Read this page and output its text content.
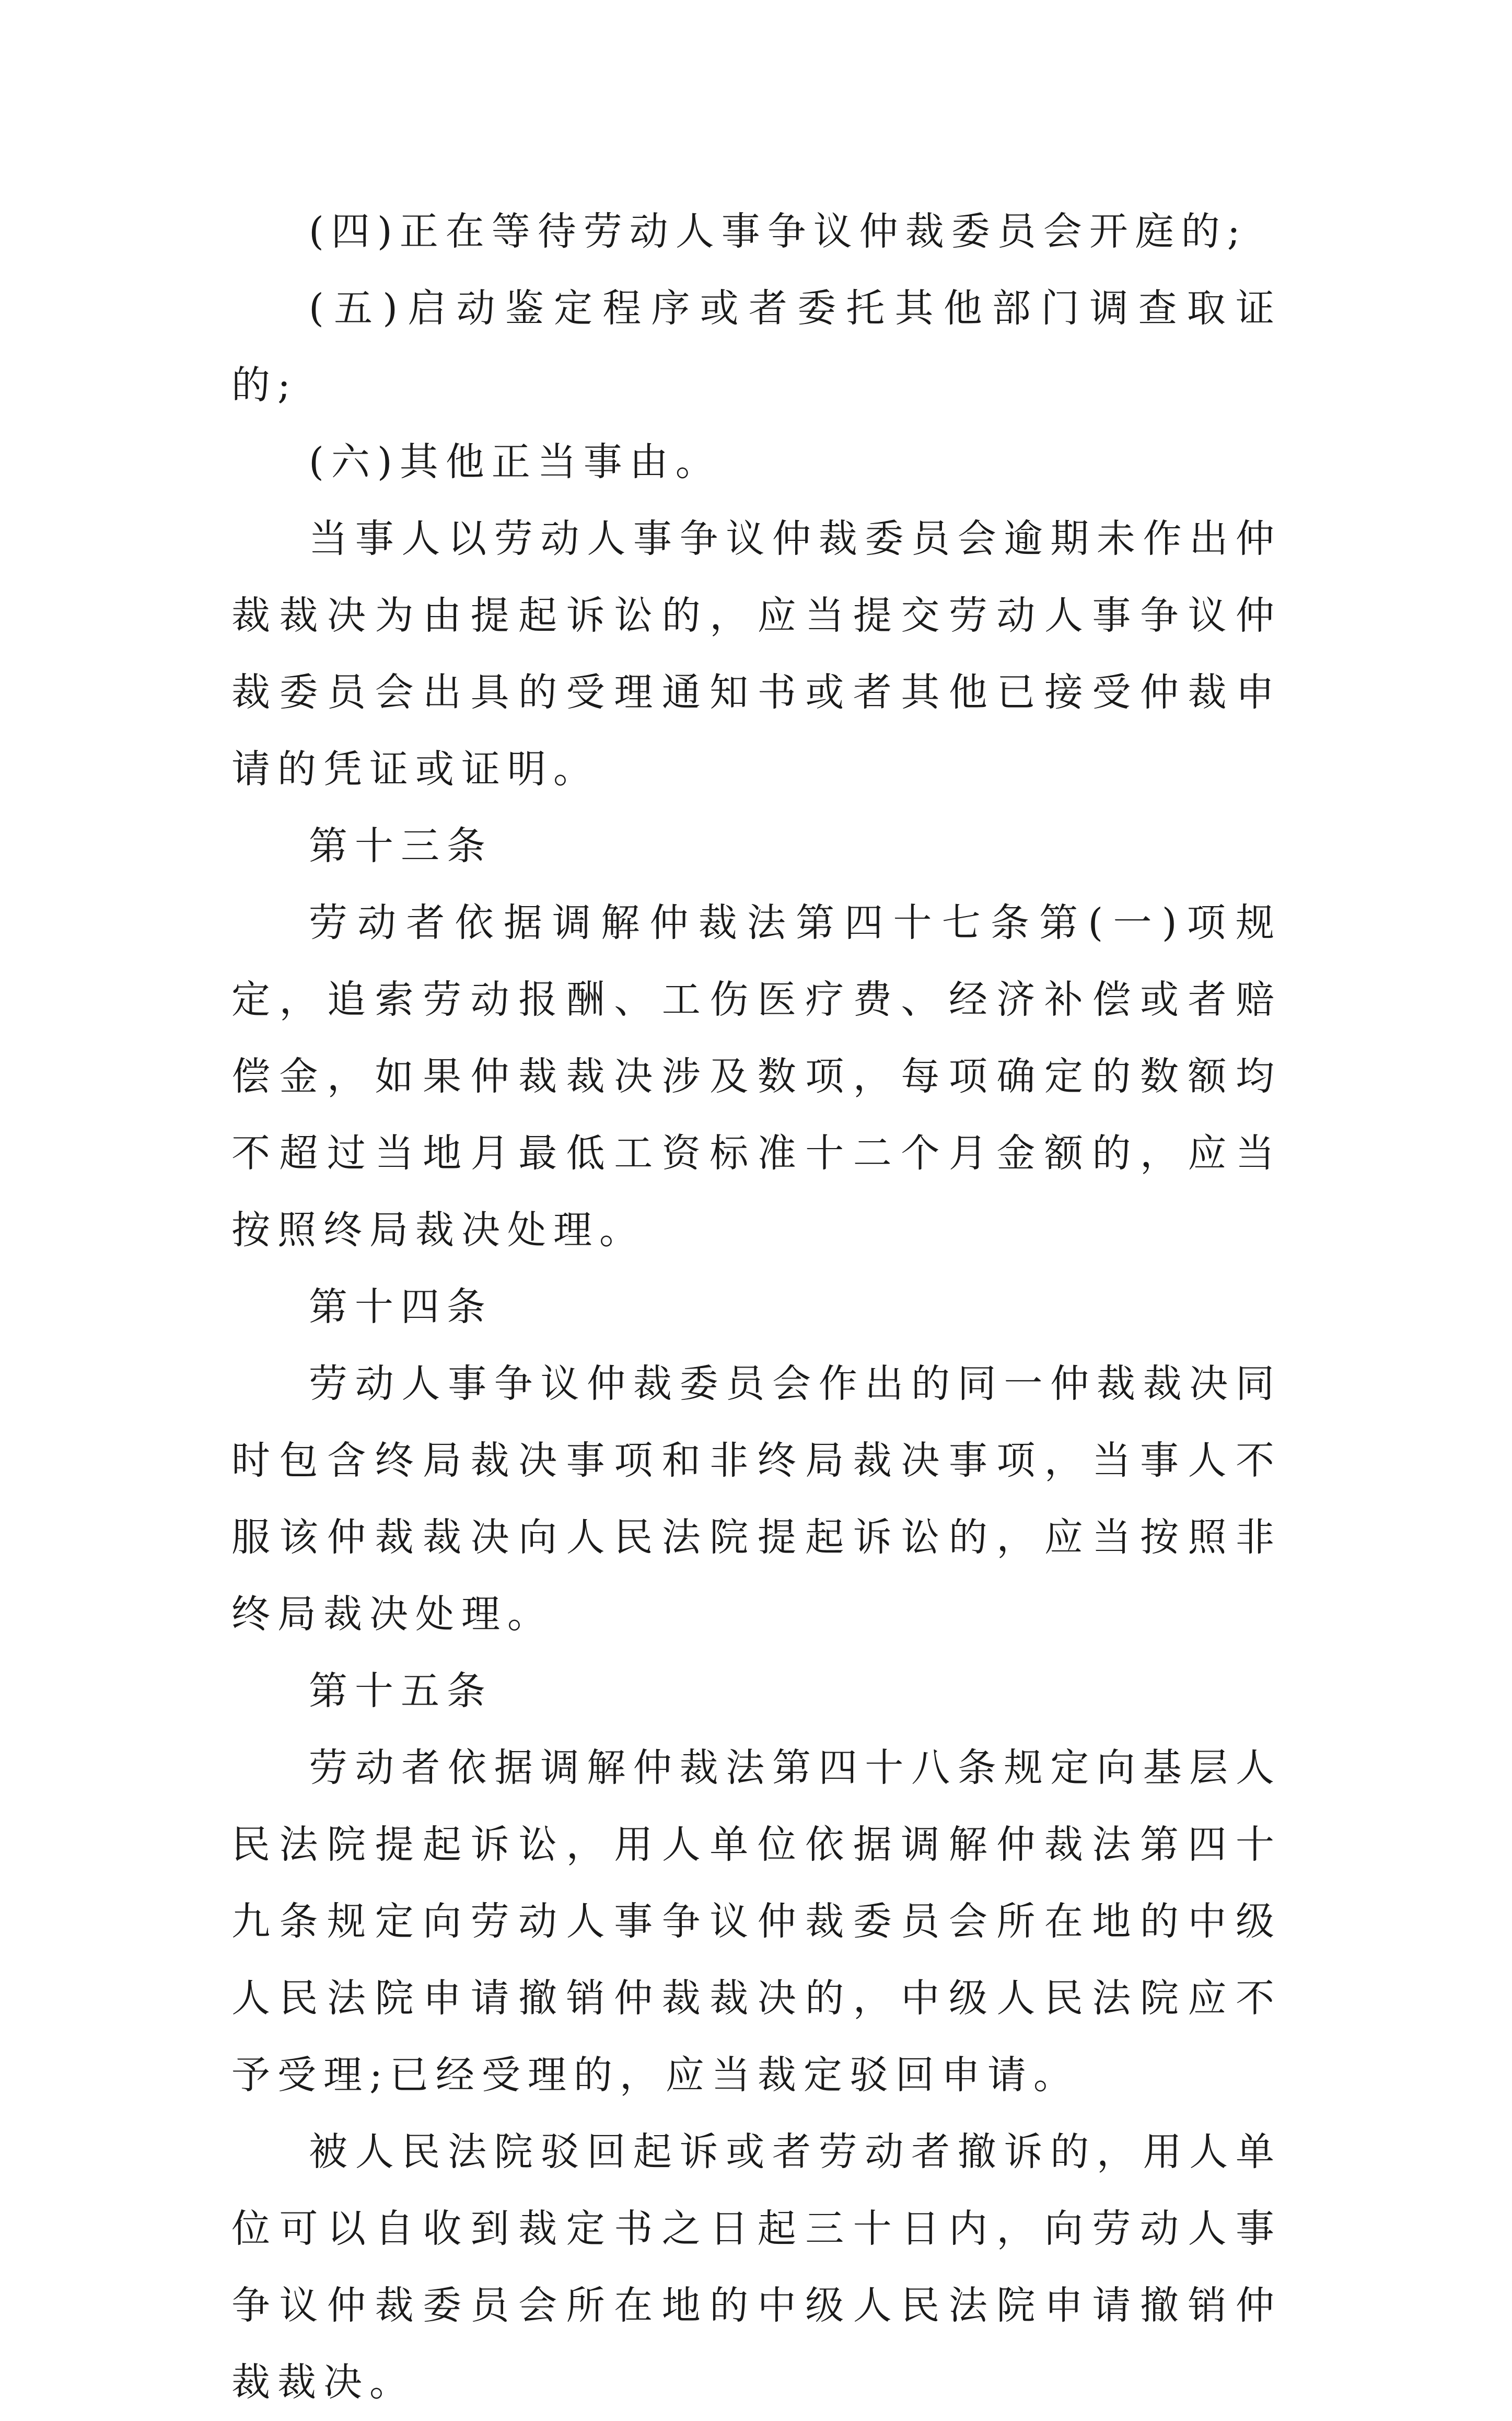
(四)正在等待劳动人事争议仲裁委员会开庭的;

(五)启动鉴定程序或者委托其他部门调查取证的;

(六)其他正当事由。

当事人以劳动人事争议仲裁委员会逾期未作出仲裁裁决为由提起诉讼的，应当提交劳动人事争议仲裁委员会出具的受理通知书或者其他已接受仲裁申请的凭证或证明。

第十三条

劳动者依据调解仲裁法第四十七条第(一)项规定，追索劳动报酬、工伤医疗费、经济补偿或者赔偿金，如果仲裁裁决涉及数项，每项确定的数额均不超过当地月最低工资标准十二个月金额的，应当按照终局裁决处理。

第十四条

劳动人事争议仲裁委员会作出的同一仲裁裁决同时包含终局裁决事项和非终局裁决事项，当事人不服该仲裁裁决向人民法院提起诉讼的，应当按照非终局裁决处理。

第十五条

劳动者依据调解仲裁法第四十八条规定向基层人民法院提起诉讼，用人单位依据调解仲裁法第四十九条规定向劳动人事争议仲裁委员会所在地的中级人民法院申请撤销仲裁裁决的，中级人民法院应不予受理;已经受理的，应当裁定驳回申请。

被人民法院驳回起诉或者劳动者撤诉的，用人单位可以自收到裁定书之日起三十日内，向劳动人事争议仲裁委员会所在地的中级人民法院申请撤销仲裁裁决。
